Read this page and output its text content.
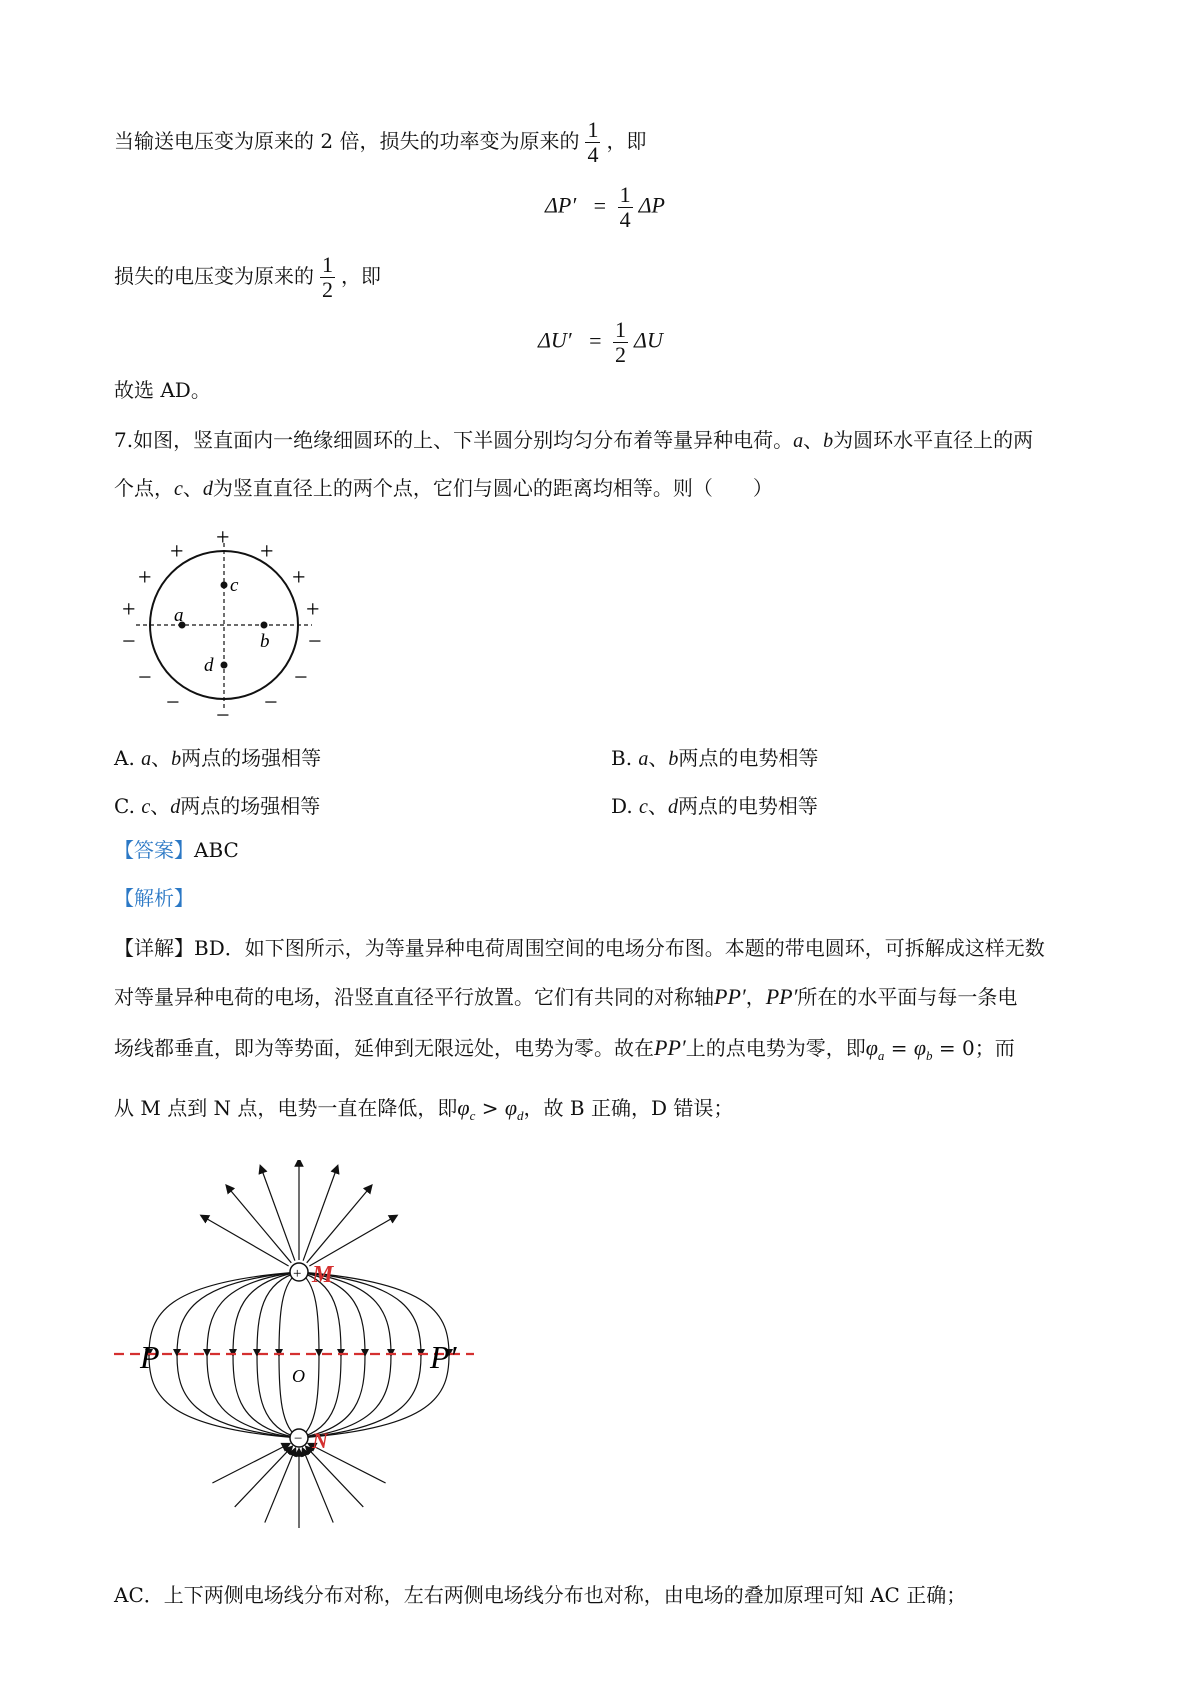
当输送电压变为原来的 2 倍，损失的功率变为原来的 $\frac{1}{4}$ ，即
$\Delta P' = \frac{1}{4}$ ΔP
损失的电压变为原来的 $\frac{1}{2}$ ，即
$\Delta U' = \frac{1}{2}$ ΔU
故选 AD。
7.如图，竖直面内一绝缘细圆环的上、下半圆分别均匀分布着等量异种电荷。a、b为圆环水平直径上的两
个点，c、d为竖直直径上的两个点，它们与圆心的距离均相等。则（　　）
a
b
c
d
+
+	+
+	+
+	+
−	−
−	−
−	−
−
A. a、b两点的场强相等	B. a、b两点的电势相等
C. c、d两点的场强相等	D. c、d两点的电势相等
【答案】ABC
【解析】
【详解】BD．如下图所示，为等量异种电荷周围空间的电场分布图。本题的带电圆环，可拆解成这样无数
对等量异种电荷的电场，沿竖直直径平行放置。它们有共同的对称轴PP′，PP′所在的水平面与每一条电
场线都垂直，即为等势面，延伸到无限远处，电势为零。故在PP′上的点电势为零，即$\varphi_a = \varphi_b = 0$；而
从 M 点到 N 点，电势一直在降低，即$\varphi_c > \varphi_d$，故 B 正确，D 错误；
+
−
M
N
P	P′
O
AC．上下两侧电场线分布对称，左右两侧电场线分布也对称，由电场的叠加原理可知 AC 正确；
